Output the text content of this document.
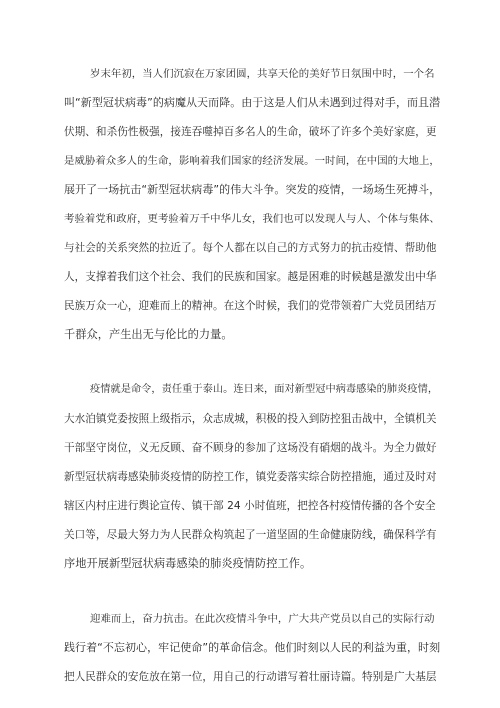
岁末年初，当人们沉寂在万家团圆，共享天伦的美好节日氛围中时，一个名
叫“新型冠状病毒”的病魔从天而降。由于这是人们从未遇到过得对手，而且潜
伏期、和杀伤性极强，接连吞噬掉百多名人的生命，破坏了许多个美好家庭，更
是威胁着众多人的生命，影响着我们国家的经济发展。一时间，在中国的大地上，
展开了一场抗击“新型冠状病毒”的伟大斗争。突发的疫情，一场场生死搏斗，
考验着党和政府，更考验着万千中华儿女，我们也可以发现人与人、个体与集体、
与社会的关系突然的拉近了。每个人都在以自己的方式努力的抗击疫情、帮助他
人，支撑着我们这个社会、我们的民族和国家。越是困难的时候越是激发出中华
民族万众一心，迎难而上的精神。在这个时候，我们的党带领着广大党员团结万
千群众，产生出无与伦比的力量。
疫情就是命令，责任重于泰山。连日来，面对新型冠中病毒感染的肺炎疫情，
大水泊镇党委按照上级指示，众志成城，积极的投入到防控狙击战中，全镇机关
干部坚守岗位，义无反顾、奋不顾身的参加了这场没有硝烟的战斗。为全力做好
新型冠状病毒感染肺炎疫情的防控工作，镇党委落实综合防控措施，通过及时对
辖区内村庄进行舆论宣传、镇干部 24 小时值班，把控各村疫情传播的各个安全
关口等，尽最大努力为人民群众构筑起了一道坚固的生命健康防线，确保科学有
序地开展新型冠状病毒感染的肺炎疫情防控工作。
迎难而上，奋力抗击。在此次疫情斗争中，广大共产党员以自己的实际行动
践行着“不忘初心，牢记使命”的革命信念。他们时刻以人民的利益为重，时刻
把人民群众的安危放在第一位，用自己的行动谱写着壮丽诗篇。特别是广大基层
